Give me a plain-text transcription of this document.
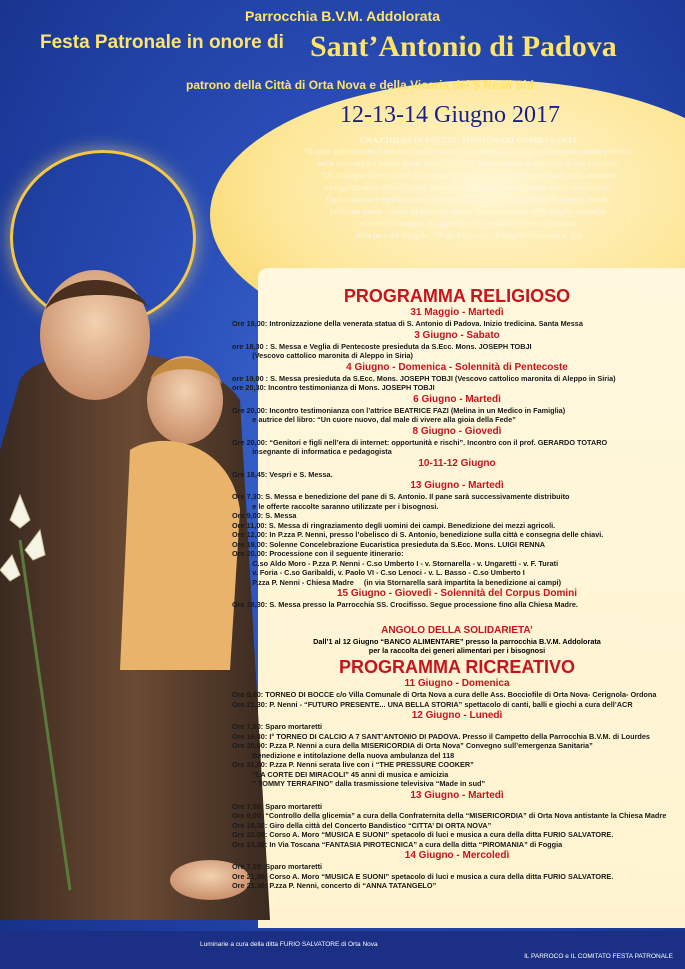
Parrocchia B.V.M. Addolorata
Festa Patronale in onore di Sant’Antonio di Padova
patrono della Città di Orta Nova e della Vicaria dei 5 Reali Siti
12-13-14 Giugno 2017
UNA CHIESA IN USCITA: MISSIONARI COME I SANTI
“Il culto autentico dei Santi non consiste tanto nella molteplicità degli atti esteriori quanto piuttosto
nella intensità del nostro amore attivo” (LG51), che si traduce in impegno di vita cristiana.
“Un impegno che ci chiede di accettare gli scenari e le sfide sempre nuovi della missione
evangelizzatrice della Chiesa... tutti siamo chiamati a questa nuova uscita missionaria.
Ogni cristiano e ogni comunità discernerà quale sia il cammino che il Signore chiede,
però tutti siamo invitati ad accettare questa chiamata: uscire dalla propria comodità
ed avere il coraggio di raggiungere le periferie che hanno bisogno
della luce del Vangelo.” (Papa Francesco, Evangelii Gaudium n. 20)
PROGRAMMA RELIGIOSO
31 Maggio - Martedì
Ore 19,00: Intronizzazione della venerata statua di S. Antonio di Padova. Inizio tredicina. Santa Messa
3 Giugno - Sabato
ore 18,30 : S. Messa e Veglia di Pentecoste presieduta da S.Ecc. Mons. JOSEPH TOBJI
(Vescovo cattolico maronita di Aleppo in Siria)
4 Giugno - Domenica - Solennità di Pentecoste
ore 19,00 : S. Messa presieduta da S.Ecc. Mons. JOSEPH TOBJI (Vescovo cattolico maronita di Aleppo in Siria)
ore 20,30: Incontro testimonianza di Mons. JOSEPH TOBJI
6 Giugno - Martedì
Ore 20,00: Incontro testimonianza con l’attrice BEATRICE FAZI (Melina in un Medico in Famiglia)
e autrice del libro: “Un cuore nuovo, dal male di vivere alla gioia della Fede”
8 Giugno - Giovedì
Ore 20,00: “Genitori e figli nell’era di internet: opportunità e rischi”. Incontro con il prof. GERARDO TOTARO
insegnante di informatica e pedagogista
10-11-12 Giugno
Ore 18,45: Vespri e S. Messa.
13 Giugno - Martedì
Ore 7,30: S. Messa e benedizione del pane di S. Antonio. Il pane sarà successivamente distribuito
e le offerte raccolte saranno utilizzate per i bisognosi.
Ore 9,00: S. Messa
Ore 11,00: S. Messa di ringraziamento degli uomini dei campi. Benedizione dei mezzi agricoli.
Ore 12,00: In P.zza P. Nenni, presso l’obelisco di S. Antonio, benedizione sulla città e consegna delle chiavi.
Ore 19,00: Solenne Concelebrazione Eucaristica presieduta da S.Ecc. Mons. LUIGI RENNA
Ore 20,00: Processione con il seguente itinerario:
C.so Aldo Moro - P.zza P. Nenni - C.so Umberto I - v. Stornarella - v. Ungaretti - v. F. Turati
v. Foria - C.so Garibaldi, v. Paolo VI - C.so Lenoci - v. L. Basso - C.so Umberto I
P.zza P. Nenni - Chiesa Madre     (in via Stornarella sarà impartita la benedizione ai campi)
15 Giugno - Giovedì - Solennità del Corpus Domini
Ore 18,30: S. Messa presso la Parrocchia SS. Crocifisso. Segue processione fino alla Chiesa Madre.
ANGOLO DELLA SOLIDARIETA’
Dall’1 al 12 Giugno “BANCO ALIMENTARE” presso la parrocchia B.V.M. Addolorata
per la raccolta dei generi alimentari per i bisognosi
PROGRAMMA RICREATIVO
11 Giugno - Domenica
Ore 9,00: TORNEO DI BOCCE c/o Villa Comunale di Orta Nova a cura delle Ass. Bocciofile di Orta Nova- Cerignola- Ordona
Ore 21,30: P. Nenni - “FUTURO PRESENTE... UNA BELLA STORIA” spettacolo di canti, balli e giochi a cura dell’ACR
12 Giugno - Lunedì
Ore 7,00: Sparo mortaretti
Ore 16,30: I° TORNEO DI CALCIO A 7 SANT’ANTONIO DI PADOVA. Presso il Campetto della Parrocchia B.V.M. di Lourdes
Ore 20,00: P.zza P. Nenni a cura della MISERICORDIA di Orta Nova” Convegno sull’emergenza Sanitaria”
Benedizione e intitolazione della nuova ambulanza del 118
Ore 21,00: P.zza P. Nenni serata live con i “THE PRESSURE COOKER”
“LA CORTE DEI MIRACOLI” 45 anni di musica e amicizia
“ TOMMY TERRAFINO” dalla trasmissione televisiva “Made in sud”
13 Giugno - Martedì
Ore 7,00: Sparo mortaretti
Ore 9,00: “Controllo della glicemia” a cura della Confraternita della “MISERICORDIA” di Orta Nova antistante la Chiesa Madre
Ore 19,30: Giro della città del Concerto Bandistico “CITTA’ DI ORTA NOVA”
Ore 22,00: Corso A. Moro “MUSICA E SUONI” spetacolo di luci e musica a cura della ditta FURIO SALVATORE.
Ore 23,30: In Via Toscana “FANTASIA PIROTECNICA” a cura della ditta “PIROMANIA” di Foggia
14 Giugno - Mercoledì
Ore 7,00: Sparo mortaretti
Ore 21,00: Corso A. Moro “MUSICA E SUONI” spetacolo di luci e musica a cura della ditta FURIO SALVATORE.
Ore 21,30: P.zza P. Nenni, concerto di “ANNA TATANGELO”
Luminarie a cura della ditta FURIO SALVATORE di Orta Nova
IL PARROCO e IL COMITATO FESTA PATRONALE
